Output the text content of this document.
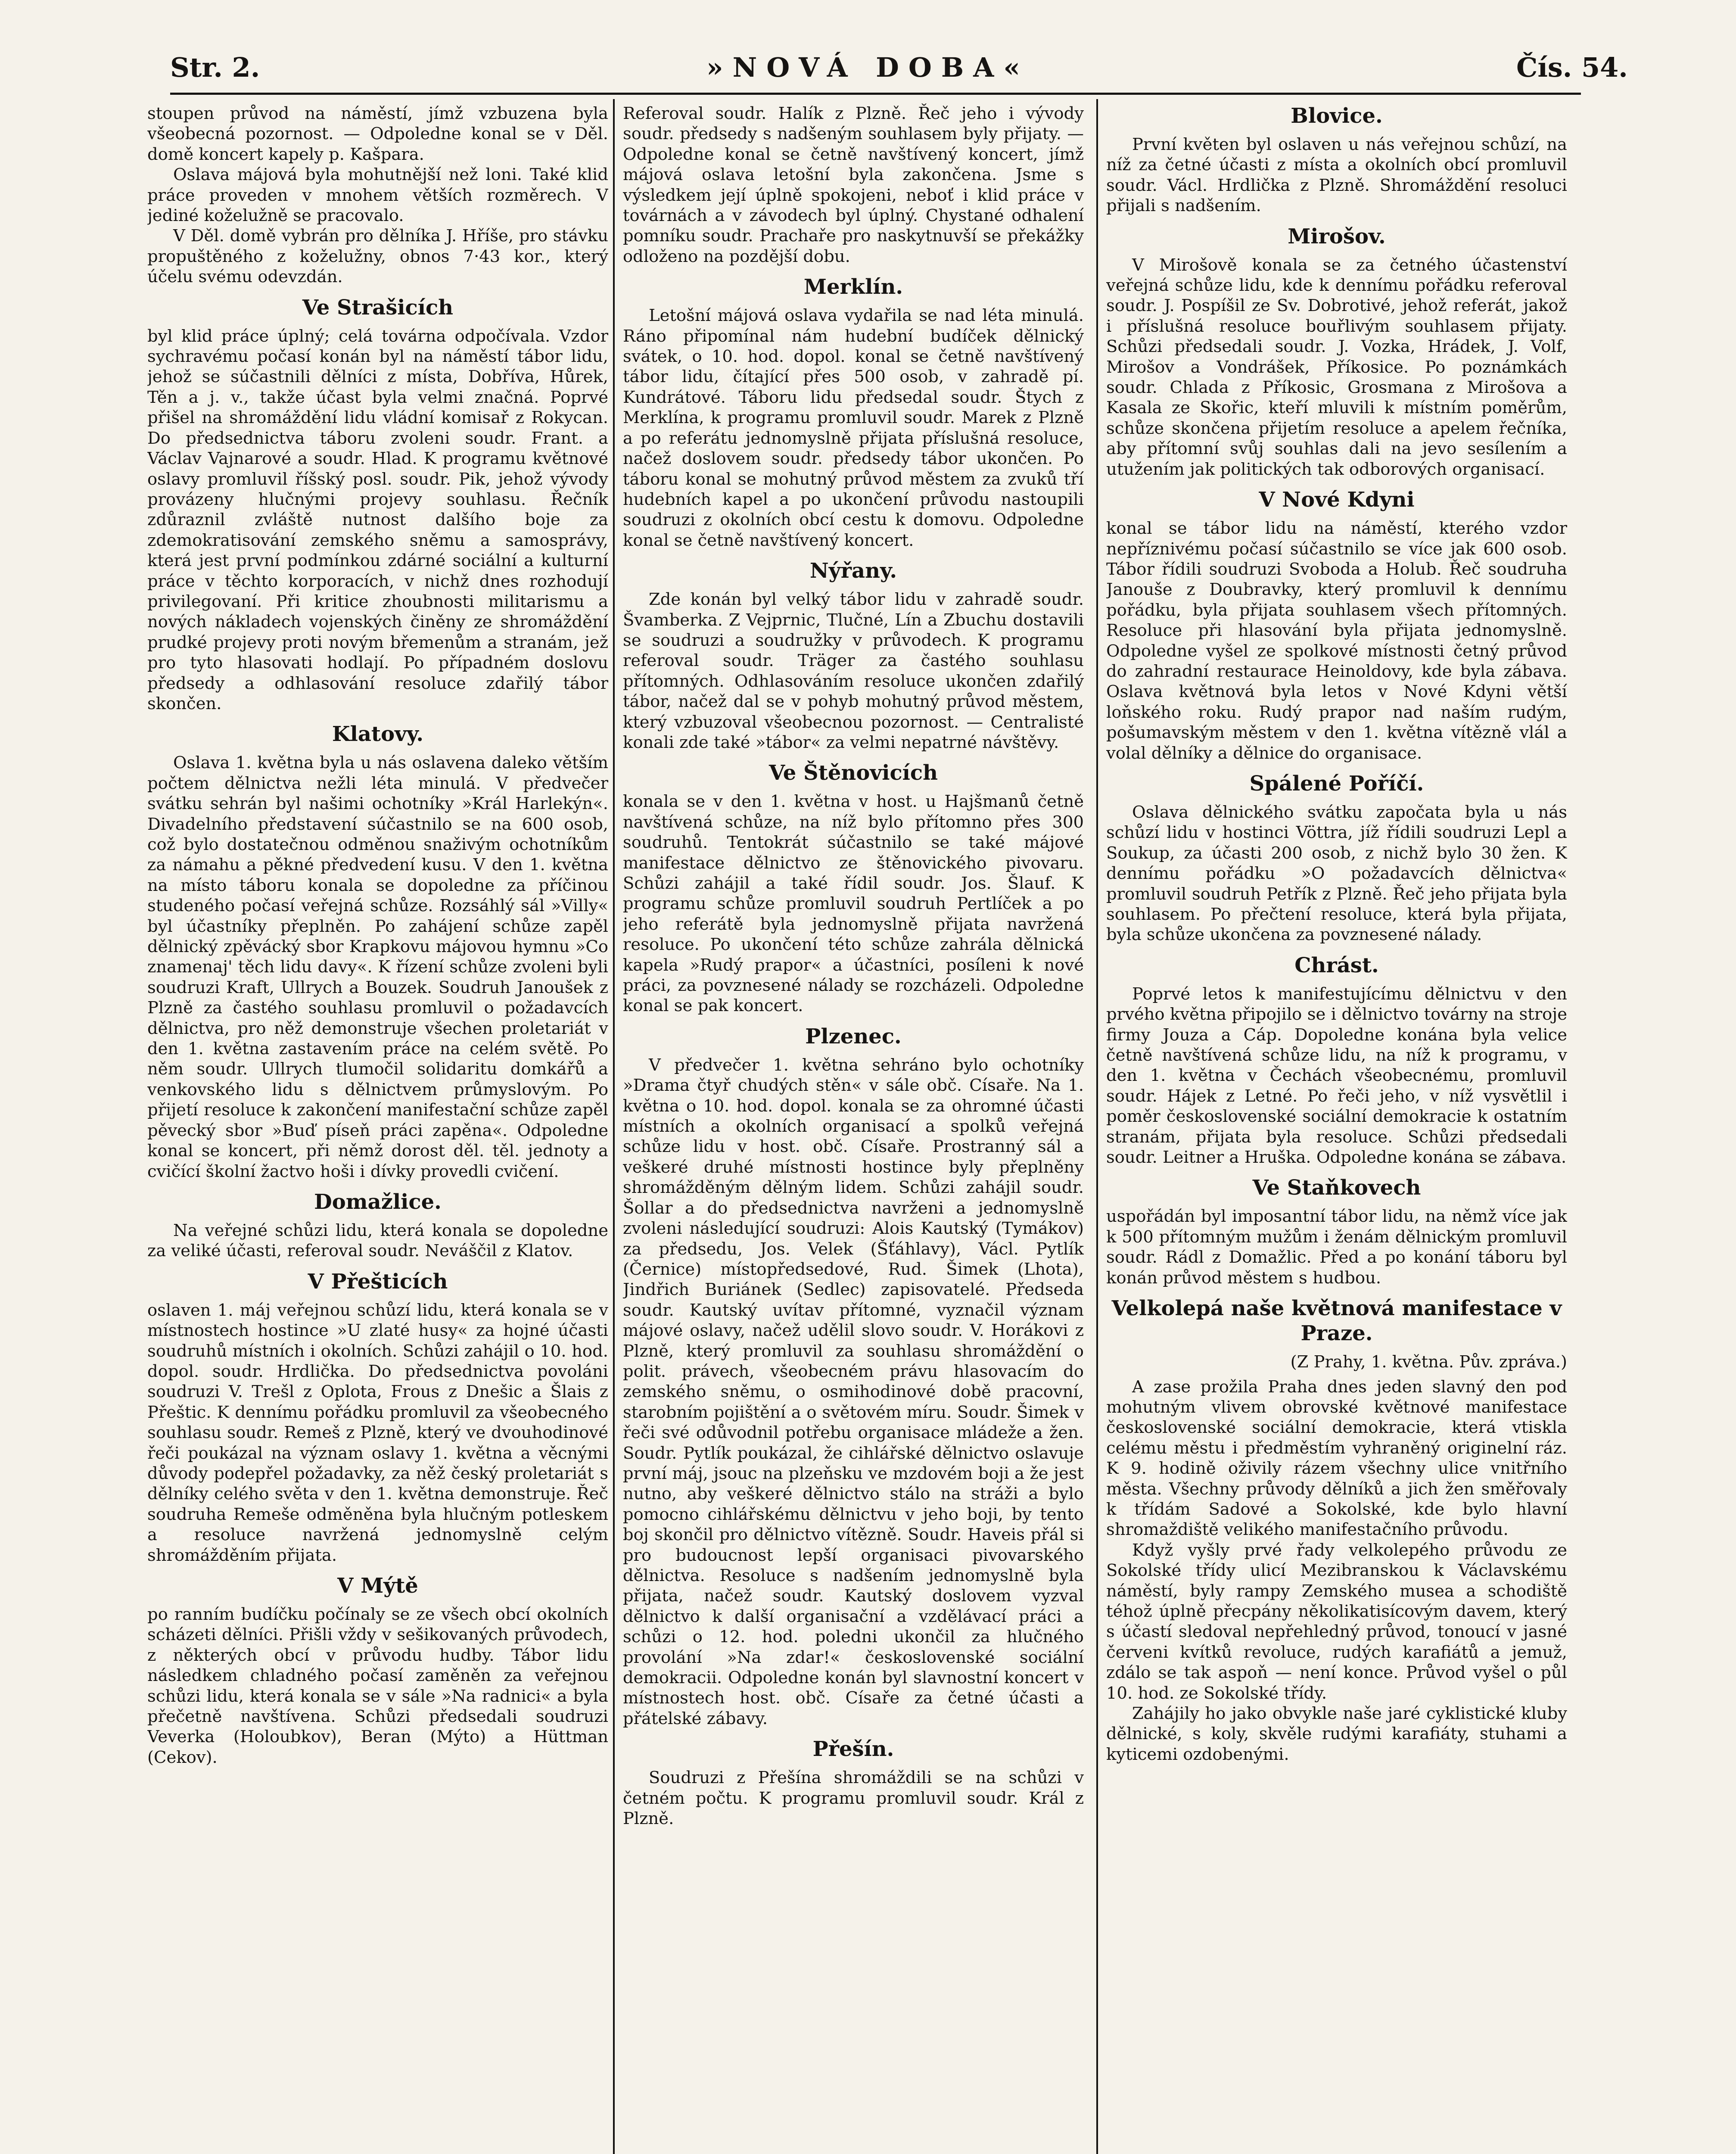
Str. 2.	»NOVÁ DOBA«	Čís. 54.

stoupen průvod na náměstí, jímž vzbuzena byla všeobecná pozornost. — Odpoledne konal se v Děl. domě koncert kapely p. Kašpara.

Oslava májová byla mohutnější než loni. Také klid práce proveden v mnohem větších rozměrech. V jediné koželužně se pracovalo.

V Děl. domě vybrán pro dělníka J. Hříše, pro stávku propuštěného z koželužny, obnos 7·43 kor., který účelu svému odevzdán.

Ve Strašicích

byl klid práce úplný; celá továrna odpočívala. Vzdor sychravému počasí konán byl na náměstí tábor lidu, jehož se súčastnili dělníci z místa, Dobříva, Hůrek, Těn a j. v., takže účast byla velmi značná. Poprvé přišel na shromáždění lidu vládní komisař z Rokycan. Do předsednictva táboru zvoleni soudr. Frant. a Václav Vajnarové a soudr. Hlad. K programu květnové oslavy promluvil říšský posl. soudr. Pik, jehož vývody provázeny hlučnými projevy souhlasu. Řečník zdůraznil zvláště nutnost dalšího boje za zdemokratisování zemského sněmu a samosprávy, která jest první podmínkou zdárné sociální a kulturní práce v těchto korporacích, v nichž dnes rozhodují privilegovaní. Při kritice zhoubnosti militarismu a nových nákladech vojenských činěny ze shromáždění prudké projevy proti novým břemenům a stranám, jež pro tyto hlasovati hodlají. Po případném doslovu předsedy a odhlasování resoluce zdařilý tábor skončen.

Klatovy.

Oslava 1. května byla u nás oslavena daleko větším počtem dělnictva nežli léta minulá. V předvečer svátku sehrán byl našimi ochotníky »Král Harlekýn«. Divadelního představení súčastnilo se na 600 osob, což bylo dostatečnou odměnou snaživým ochotníkům za námahu a pěkné předvedení kusu. V den 1. května na místo táboru konala se dopoledne za příčinou studeného počasí veřejná schůze. Rozsáhlý sál »Villy« byl účastníky přeplněn. Po zahájení schůze zapěl dělnický zpěvácký sbor Krapkovu májovou hymnu »Co znamenaj' těch lidu davy«. K řízení schůze zvoleni byli soudruzi Kraft, Ullrych a Bouzek. Soudruh Janoušek z Plzně za častého souhlasu promluvil o požadavcích dělnictva, pro něž demonstruje všechen proletariát v den 1. května zastavením práce na celém světě. Po něm soudr. Ullrych tlumočil solidaritu domkářů a venkovského lidu s dělnictvem průmyslovým. Po přijetí resoluce k zakončení manifestační schůze zapěl pěvecký sbor »Buď píseň práci zapěna«. Odpoledne konal se koncert, při němž dorost děl. těl. jednoty a cvičící školní žactvo hoši i dívky provedli cvičení.

Domažlice.

Na veřejné schůzi lidu, která konala se dopoledne za veliké účasti, referoval soudr. Neváščil z Klatov.

V Přešticích

oslaven 1. máj veřejnou schůzí lidu, která konala se v místnostech hostince »U zlaté husy« za hojné účasti soudruhů místních i okolních. Schůzi zahájil o 10. hod. dopol. soudr. Hrdlička. Do předsednictva povoláni soudruzi V. Trešl z Oplota, Frous z Dnešic a Šlais z Přeštic. K dennímu pořádku promluvil za všeobecného souhlasu soudr. Remeš z Plzně, který ve dvouhodinové řeči poukázal na význam oslavy 1. května a věcnými důvody podepřel požadavky, za něž český proletariát s dělníky celého světa v den 1. května demonstruje. Řeč soudruha Remeše odměněna byla hlučným potleskem a resoluce navržená jednomyslně celým shromážděním přijata.

V Mýtě

po ranním budíčku počínaly se ze všech obcí okolních scházeti dělníci. Přišli vždy v sešikovaných průvodech, z některých obcí v průvodu hudby. Tábor lidu následkem chladného počasí zaměněn za veřejnou schůzi lidu, která konala se v sále »Na radnici« a byla přečetně navštívena. Schůzi předsedali soudruzi Veverka (Holoubkov), Beran (Mýto) a Hüttman (Cekov).

Referoval soudr. Halík z Plzně. Řeč jeho i vývody soudr. předsedy s nadšeným souhlasem byly přijaty. — Odpoledne konal se četně navštívený koncert, jímž májová oslava letošní byla zakončena. Jsme s výsledkem její úplně spokojeni, neboť i klid práce v továrnách a v závodech byl úplný. Chystané odhalení pomníku soudr. Prachaře pro naskytnuvší se překážky odloženo na pozdější dobu.

Merklín.

Letošní májová oslava vydařila se nad léta minulá. Ráno připomínal nám hudební budíček dělnický svátek, o 10. hod. dopol. konal se četně navštívený tábor lidu, čítající přes 500 osob, v zahradě pí. Kundrátové. Táboru lidu předsedal soudr. Štych z Merklína, k programu promluvil soudr. Marek z Plzně a po referátu jednomyslně přijata příslušná resoluce, načež doslovem soudr. předsedy tábor ukončen. Po táboru konal se mohutný průvod městem za zvuků tří hudebních kapel a po ukončení průvodu nastoupili soudruzi z okolních obcí cestu k domovu. Odpoledne konal se četně navštívený koncert.

Nýřany.

Zde konán byl velký tábor lidu v zahradě soudr. Švamberka. Z Vejprnic, Tlučné, Lín a Zbuchu dostavili se soudruzi a soudružky v průvodech. K programu referoval soudr. Träger za častého souhlasu přítomných. Odhlasováním resoluce ukončen zdařilý tábor, načež dal se v pohyb mohutný průvod městem, který vzbuzoval všeobecnou pozornost. — Centralisté konali zde také »tábor« za velmi nepatrné návštěvy.

Ve Štěnovicích

konala se v den 1. května v host. u Hajšmanů četně navštívená schůze, na níž bylo přítomno přes 300 soudruhů. Tentokrát súčastnilo se také májové manifestace dělnictvo ze štěnovického pivovaru. Schůzi zahájil a také řídil soudr. Jos. Šlauf. K programu schůze promluvil soudruh Pertlíček a po jeho referátě byla jednomyslně přijata navržená resoluce. Po ukončení této schůze zahrála dělnická kapela »Rudý prapor« a účastníci, posíleni k nové práci, za povznesené nálady se rozcházeli. Odpoledne konal se pak koncert.

Plzenec.

V předvečer 1. května sehráno bylo ochotníky »Drama čtyř chudých stěn« v sále obč. Císaře. Na 1. května o 10. hod. dopol. konala se za ohromné účasti místních a okolních organisací a spolků veřejná schůze lidu v host. obč. Císaře. Prostranný sál a veškeré druhé místnosti hostince byly přeplněny shromážděným dělným lidem. Schůzi zahájil soudr. Šollar a do předsednictva navrženi a jednomyslně zvoleni následující soudruzi: Alois Kautský (Tymákov) za předsedu, Jos. Velek (Šťáhlavy), Václ. Pytlík (Černice) místopředsedové, Rud. Šimek (Lhota), Jindřich Buriánek (Sedlec) zapisovatelé. Předseda soudr. Kautský uvítav přítomné, vyznačil význam májové oslavy, načež udělil slovo soudr. V. Horákovi z Plzně, který promluvil za souhlasu shromáždění o polit. právech, všeobecném právu hlasovacím do zemského sněmu, o osmihodinové době pracovní, starobním pojištění a o světovém míru. Soudr. Šimek v řeči své odůvodnil potřebu organisace mládeže a žen. Soudr. Pytlík poukázal, že cihlářské dělnictvo oslavuje první máj, jsouc na plzeňsku ve mzdovém boji a že jest nutno, aby veškeré dělnictvo stálo na stráži a bylo pomocno cihlářskému dělnictvu v jeho boji, by tento boj skončil pro dělnictvo vítězně. Soudr. Haveis přál si pro budoucnost lepší organisaci pivovarského dělnictva. Resoluce s nadšením jednomyslně byla přijata, načež soudr. Kautský doslovem vyzval dělnictvo k další organisační a vzdělávací práci a schůzi o 12. hod. poledni ukončil za hlučného provolání »Na zdar!« československé sociální demokracii. Odpoledne konán byl slavnostní koncert v místnostech host. obč. Císaře za četné účasti a přátelské zábavy.

Přešín.

Soudruzi z Přešína shromáždili se na schůzi v četném počtu. K programu promluvil soudr. Král z Plzně.

Blovice.

První květen byl oslaven u nás veřejnou schůzí, na níž za četné účasti z místa a okolních obcí promluvil soudr. Václ. Hrdlička z Plzně. Shromáždění resoluci přijali s nadšením.

Mirošov.

V Mirošově konala se za četného účastenství veřejná schůze lidu, kde k dennímu pořádku referoval soudr. J. Pospíšil ze Sv. Dobrotivé, jehož referát, jakož i příslušná resoluce bouřlivým souhlasem přijaty. Schůzi předsedali soudr. J. Vozka, Hrádek, J. Volf, Mirošov a Vondrášek, Příkosice. Po poznámkách soudr. Chlada z Příkosic, Grosmana z Mirošova a Kasala ze Skořic, kteří mluvili k místním poměrům, schůze skončena přijetím resoluce a apelem řečníka, aby přítomní svůj souhlas dali na jevo sesílením a utužením jak politických tak odborových organisací.

V Nové Kdyni

konal se tábor lidu na náměstí, kterého vzdor nepříznivému počasí súčastnilo se více jak 600 osob. Tábor řídili soudruzi Svoboda a Holub. Řeč soudruha Janouše z Doubravky, který promluvil k dennímu pořádku, byla přijata souhlasem všech přítomných. Resoluce při hlasování byla přijata jednomyslně. Odpoledne vyšel ze spolkové místnosti četný průvod do zahradní restaurace Heinoldovy, kde byla zábava. Oslava květnová byla letos v Nové Kdyni větší loňského roku. Rudý prapor nad naším rudým, pošumavským městem v den 1. května vítězně vlál a volal dělníky a dělnice do organisace.

Spálené Poříčí.

Oslava dělnického svátku započata byla u nás schůzí lidu v hostinci Vöttra, jíž řídili soudruzi Lepl a Soukup, za účasti 200 osob, z nichž bylo 30 žen. K dennímu pořádku »O požadavcích dělnictva« promluvil soudruh Petřík z Plzně. Řeč jeho přijata byla souhlasem. Po přečtení resoluce, která byla přijata, byla schůze ukončena za povznesené nálady.

Chrást.

Poprvé letos k manifestujícímu dělnictvu v den prvého května připojilo se i dělnictvo továrny na stroje firmy Jouza a Cáp. Dopoledne konána byla velice četně navštívená schůze lidu, na níž k programu, v den 1. května v Čechách všeobecnému, promluvil soudr. Hájek z Letné. Po řeči jeho, v níž vysvětlil i poměr československé sociální demokracie k ostatním stranám, přijata byla resoluce. Schůzi předsedali soudr. Leitner a Hruška. Odpoledne konána se zábava.

Ve Staňkovech

uspořádán byl imposantní tábor lidu, na němž více jak k 500 přítomným mužům i ženám dělnickým promluvil soudr. Rádl z Domažlic. Před a po konání táboru byl konán průvod městem s hudbou.

Velkolepá naše květnová manifestace v Praze.

(Z Prahy, 1. května. Pův. zpráva.)

A zase prožila Praha dnes jeden slavný den pod mohutným vlivem obrovské květnové manifestace československé sociální demokracie, která vtiskla celému městu i předměstím vyhraněný originelní ráz. K 9. hodině oživily rázem všechny ulice vnitřního města. Všechny průvody dělníků a jich žen směřovaly k třídám Sadové a Sokolské, kde bylo hlavní shromaždiště velikého manifestačního průvodu.

Když vyšly prvé řady velkolepého průvodu ze Sokolské třídy ulicí Mezibranskou k Václavskému náměstí, byly rampy Zemského musea a schodiště téhož úplně přecpány několikatisícovým davem, který s účastí sledoval nepřehledný průvod, tonoucí v jasné červeni kvítků revoluce, rudých karafiátů a jemuž, zdálo se tak aspoň — není konce. Průvod vyšel o půl 10. hod. ze Sokolské třídy.

Zahájily ho jako obvykle naše jaré cyklistické kluby dělnické, s koly, skvěle rudými karafiáty, stuhami a kyticemi ozdobenými.
